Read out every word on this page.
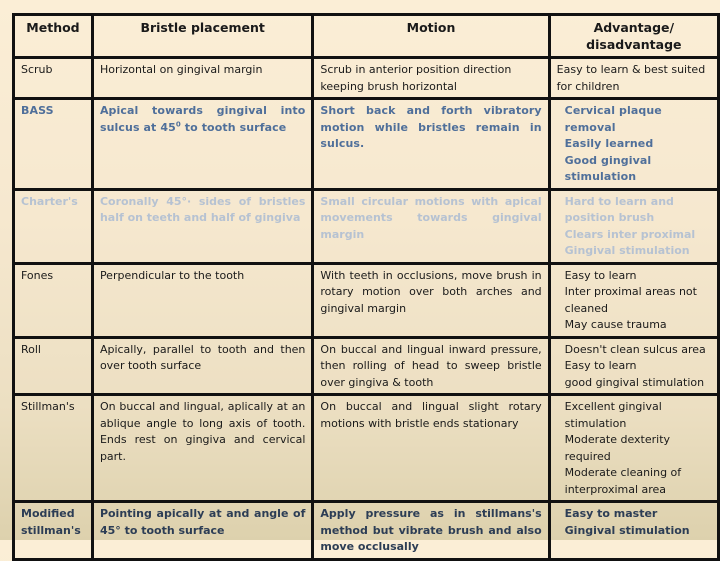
Method	Bristle placement	Motion	Advantage/ disadvantage
Scrub	Horizontal on gingival margin	Scrub in anterior position direction keeping brush horizontal	Easy to learn & best suited for children

BASS	Apical towards gingival into sulcus at $45^0$ to tooth surface	Short back and forth vibratory motion while bristles remain in sulcus.	Cervical plaque removal
Easily learned
Good gingival stimulation

Charter's	Coronally 45°· sides of bristles half on teeth and half of gingiva	Small circular motions with apical movements towards gingival margin	Hard to learn and position brush
Clears inter proximal
Gingival stimulation

Fones	Perpendicular to the tooth	With teeth in occlusions, move brush in rotary motion over both arches and gingival margin	Easy to learn
Inter proximal areas not cleaned
May cause trauma

Roll	Apically, parallel to tooth and then over tooth surface	On buccal and lingual inward pressure, then rolling of head to sweep bristle over gingiva & tooth	Doesn't clean sulcus area
Easy to learn
good gingival stimulation

Stillman's	On buccal and lingual, aplically at an ablique angle to long axis of tooth. Ends rest on gingiva and cervical part.	On buccal and lingual slight rotary motions with bristle ends stationary	Excellent gingival stimulation
Moderate dexterity required
Moderate cleaning of interproximal area

Modified stillman's	Pointing apically at and angle of 45° to tooth surface	Apply pressure as in stillmans's method but vibrate brush and also move occlusally	Easy to master
Gingival stimulation
